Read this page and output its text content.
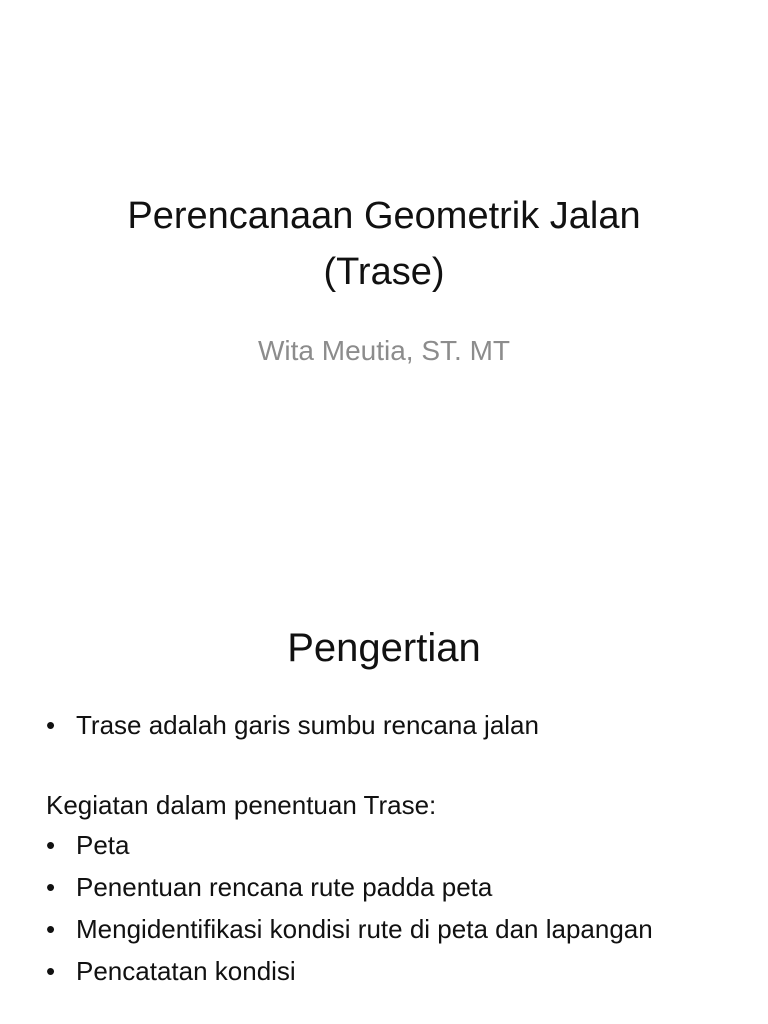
Perencanaan Geometrik Jalan
(Trase)
Wita Meutia, ST. MT
Pengertian
• Trase adalah garis sumbu rencana jalan
Kegiatan dalam penentuan Trase:
• Peta
• Penentuan rencana rute padda peta
• Mengidentifikasi kondisi rute di peta dan lapangan
• Pencatatan kondisi
